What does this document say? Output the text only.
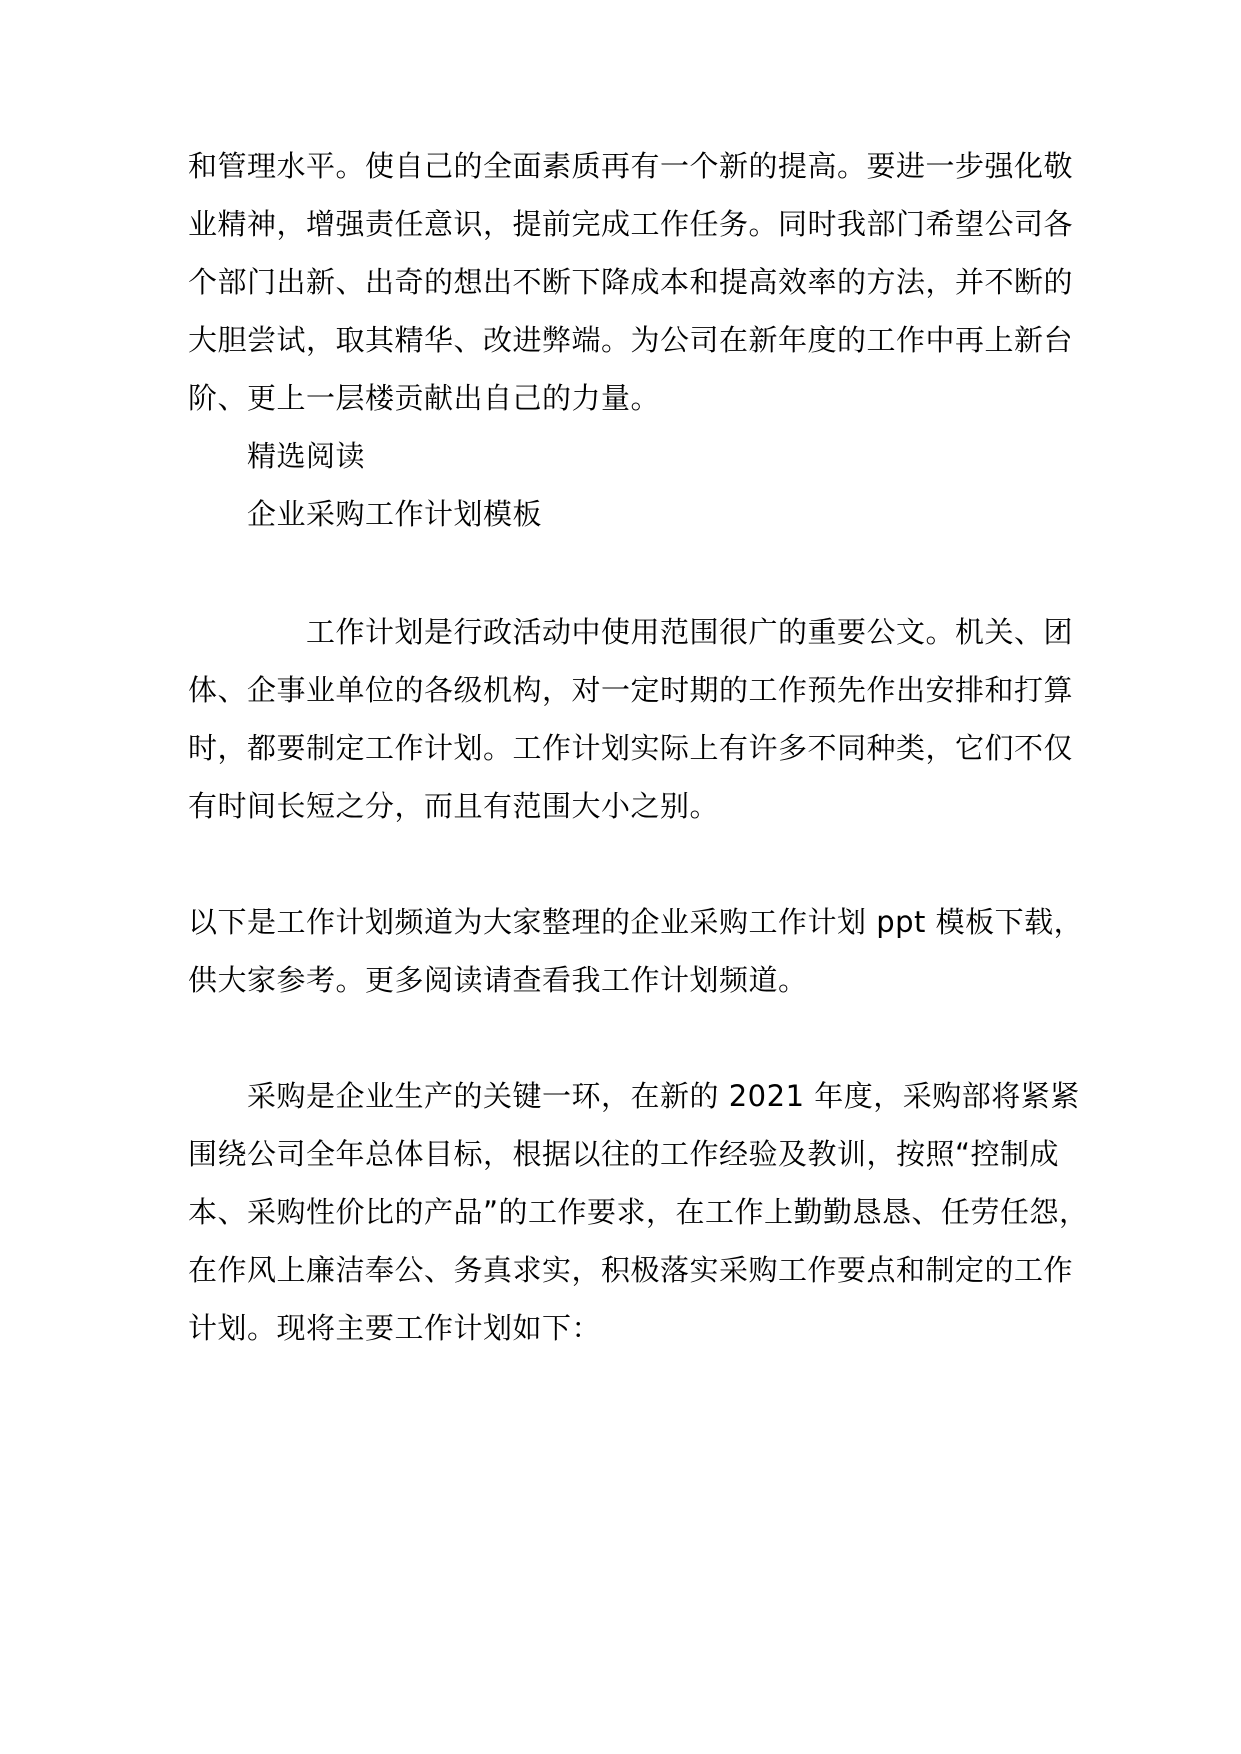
和管理水平。使自己的全面素质再有一个新的提高。要进一步强化敬
业精神，增强责任意识，提前完成工作任务。同时我部门希望公司各
个部门出新、出奇的想出不断下降成本和提高效率的方法，并不断的
大胆尝试，取其精华、改进弊端。为公司在新年度的工作中再上新台
阶、更上一层楼贡献出自己的力量。
精选阅读
企业采购工作计划模板
工作计划是行政活动中使用范围很广的重要公文。机关、团
体、企事业单位的各级机构，对一定时期的工作预先作出安排和打算
时，都要制定工作计划。工作计划实际上有许多不同种类，它们不仅
有时间长短之分，而且有范围大小之别。
以下是工作计划频道为大家整理的企业采购工作计划 ppt 模板下载，
供大家参考。更多阅读请查看我工作计划频道。
采购是企业生产的关键一环，在新的 2021 年度，采购部将紧紧
围绕公司全年总体目标，根据以往的工作经验及教训，按照“控制成
本、采购性价比的产品”的工作要求，在工作上勤勤恳恳、任劳任怨，
在作风上廉洁奉公、务真求实，积极落实采购工作要点和制定的工作
计划。现将主要工作计划如下：
